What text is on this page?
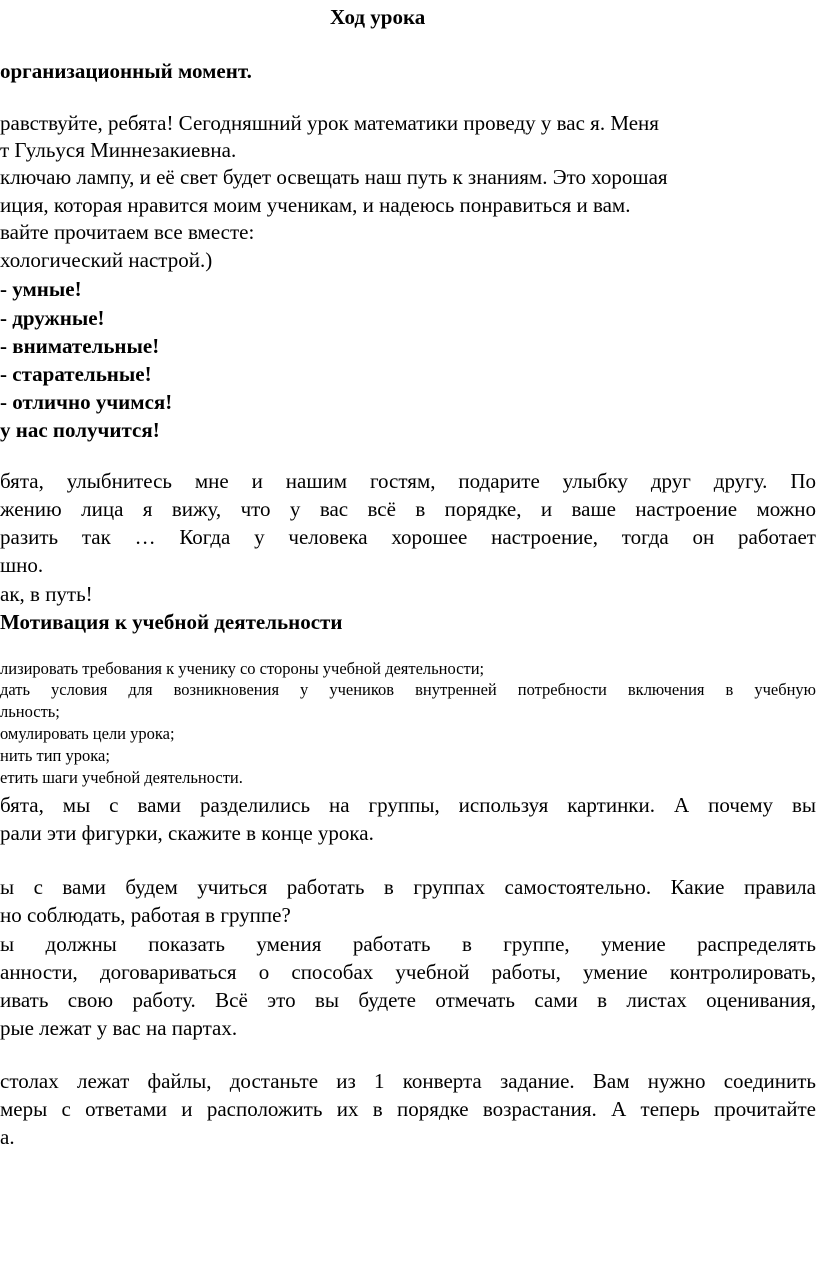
Ход урока
организационный момент.
равствуйте, ребята! Сегодняшний урок математики проведу у вас я. Меня
т Гульуся Миннезакиевна.
ключаю лампу, и её свет будет освещать наш путь к знаниям. Это хорошая
иция, которая нравится моим ученикам, и надеюсь понравиться и вам.
вайте прочитаем все вместе:
хологический настрой.)
- умные!
- дружные!
- внимательные!
- старательные!
- отлично учимся!
у нас получится!
бята, улыбнитесь мне и нашим гостям, подарите улыбку друг другу. По
жению лица я вижу, что у вас всё в порядке, и ваше настроение можно
разить так … Когда у человека хорошее настроение, тогда он работает
шно.
ак, в путь!
Мотивация к учебной деятельности
лизировать требования к ученику со стороны учебной деятельности;
дать условия для возникновения у учеников внутренней потребности включения в учебную
льность;
омулировать цели урока;
нить тип урока;
етить шаги учебной деятельности.
бята, мы с вами разделились на группы, используя картинки. А почему вы
рали эти фигурки, скажите в конце урока.
ы с вами будем учиться работать в группах самостоятельно. Какие правила
но соблюдать, работая в группе?
ы должны показать умения работать в группе, умение распределять
анности, договариваться о способах учебной работы, умение контролировать,
ивать свою работу. Всё это вы будете отмечать сами в листах оценивания,
рые лежат у вас на партах.
столах лежат файлы, достаньте из 1 конверта задание. Вам нужно соединить
меры с ответами и расположить их в порядке возрастания. А теперь прочитайте
а.
